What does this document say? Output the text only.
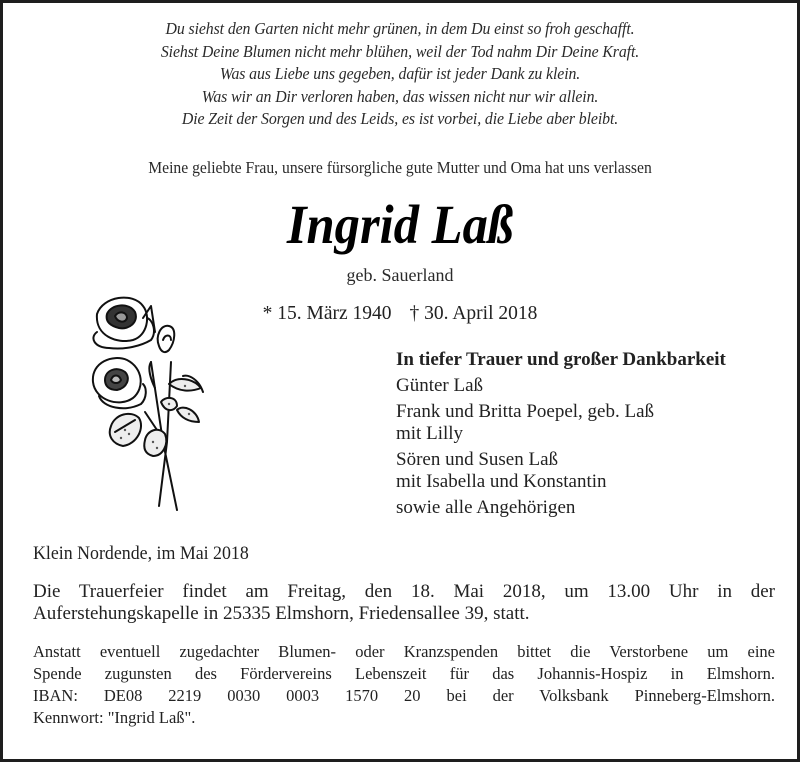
Du siehst den Garten nicht mehr grünen, in dem Du einst so froh geschafft.
Siehst Deine Blumen nicht mehr blühen, weil der Tod nahm Dir Deine Kraft.
Was aus Liebe uns gegeben, dafür ist jeder Dank zu klein.
Was wir an Dir verloren haben, das wissen nicht nur wir allein.
Die Zeit der Sorgen und des Leids, es ist vorbei, die Liebe aber bleibt.
Meine geliebte Frau, unsere fürsorgliche gute Mutter und Oma hat uns verlassen
Ingrid Laß
geb. Sauerland
* 15. März 1940 † 30. April 2018
In tiefer Trauer und großer Dankbarkeit
Günter Laß
Frank und Britta Poepel, geb. Laß
mit Lilly
Sören und Susen Laß
mit Isabella und Konstantin
sowie alle Angehörigen
Klein Nordende, im Mai 2018
Die Trauerfeier findet am Freitag, den 18. Mai 2018, um 13.00 Uhr in der
Auferstehungskapelle in 25335 Elmshorn, Friedensallee 39, statt.
Anstatt eventuell zugedachter Blumen- oder Kranzspenden bittet die Verstorbene um eine
Spende zugunsten des Fördervereins Lebenszeit für das Johannis-Hospiz in Elmshorn.
IBAN: DE08 2219 0030 0003 1570 20 bei der Volksbank Pinneberg-Elmshorn.
Kennwort: "Ingrid Laß".
